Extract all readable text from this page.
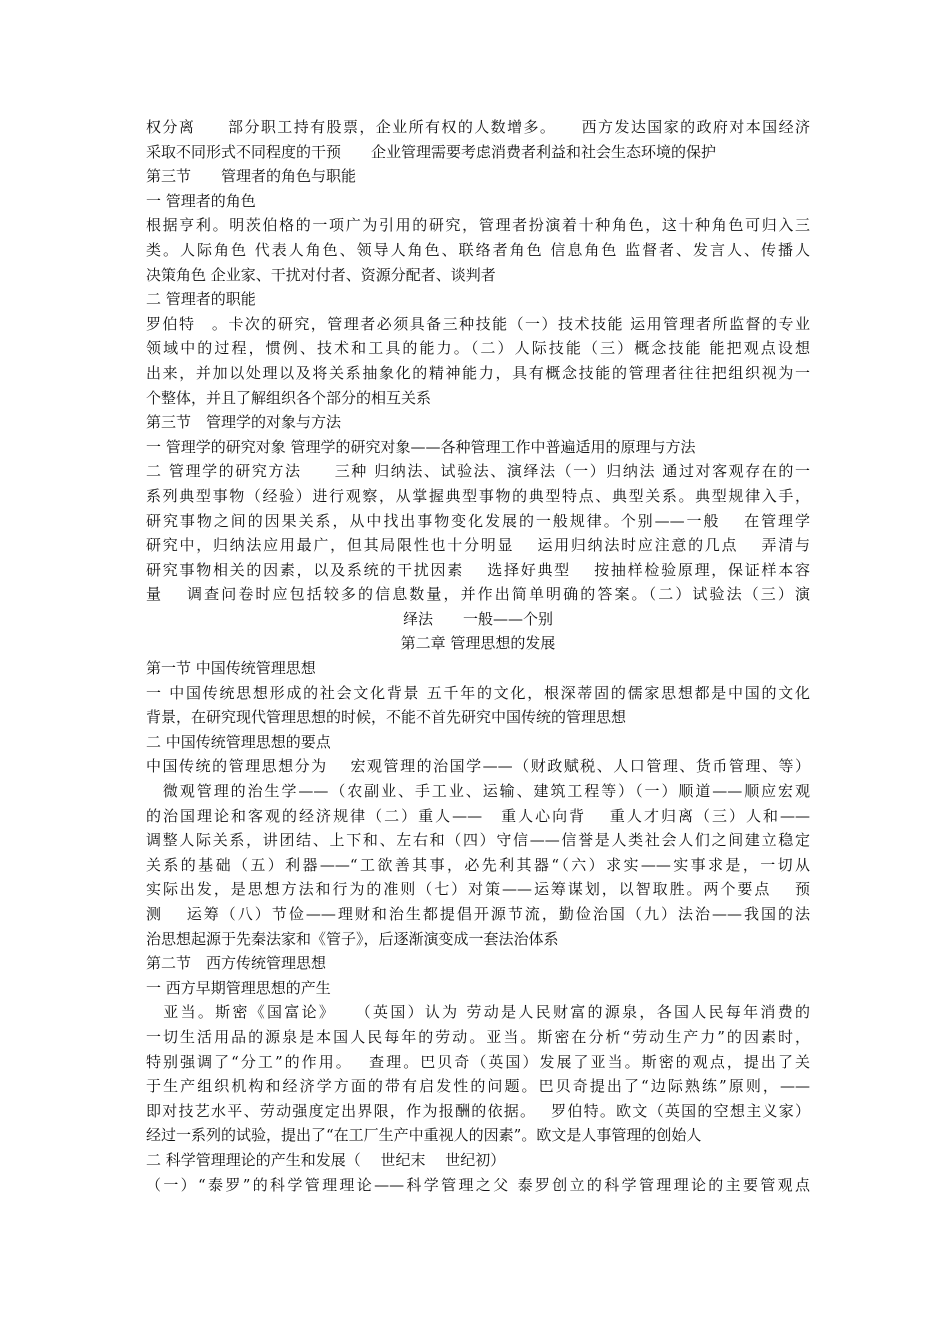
权分离　　部分职工持有股票，企业所有权的人数增多。　　西方发达国家的政府对本国经济
采取不同形式不同程度的干预　　企业管理需要考虑消费者利益和社会生态环境的保护
第三节　　管理者的角色与职能
一 管理者的角色
根据亨利。明茨伯格的一项广为引用的研究，管理者扮演着十种角色，这十种角色可归入三
类。人际角色 代表人角色、领导人角色、联络者角色 信息角色 监督者、发言人、传播人
决策角色 企业家、干扰对付者、资源分配者、谈判者
二 管理者的职能
罗伯特　。卡次的研究，管理者必须具备三种技能（一）技术技能 运用管理者所监督的专业
领域中的过程，惯例、技术和工具的能力。（二）人际技能（三）概念技能 能把观点设想
出来，并加以处理以及将关系抽象化的精神能力，具有概念技能的管理者往往把组织视为一
个整体，并且了解组织各个部分的相互关系
第三节　管理学的对象与方法
一 管理学的研究对象 管理学的研究对象——各种管理工作中普遍适用的原理与方法
二 管理学的研究方法　　三种 归纳法、试验法、演绎法（一）归纳法 通过对客观存在的一
系列典型事物（经验）进行观察，从掌握典型事物的典型特点、典型关系。典型规律入手，
研究事物之间的因果关系，从中找出事物变化发展的一般规律。个别——一般　 在管理学
研究中，归纳法应用最广，但其局限性也十分明显　 运用归纳法时应注意的几点　 弄清与
研究事物相关的因素，以及系统的干扰因素　 选择好典型　 按抽样检验原理，保证样本容
量　 调查问卷时应包括较多的信息数量，并作出简单明确的答案。（二）试验法（三）演
绎法　　一般——个别
第二章 管理思想的发展
第一节 中国传统管理思想
一 中国传统思想形成的社会文化背景 五千年的文化，根深蒂固的儒家思想都是中国的文化
背景，在研究现代管理思想的时候，不能不首先研究中国传统的管理思想
二 中国传统管理思想的要点
中国传统的管理思想分为　 宏观管理的治国学——（财政赋税、人口管理、货币管理、等）
　微观管理的治生学——（农副业、手工业、运输、建筑工程等）（一）顺道——顺应宏观
的治国理论和客观的经济规律（二）重人——　重人心向背　 重人才归离（三）人和——
调整人际关系，讲团结、上下和、左右和（四）守信——信誉是人类社会人们之间建立稳定
关系的基础（五）利器——“工欲善其事，必先利其器“（六）求实——实事求是，一切从
实际出发，是思想方法和行为的准则（七）对策——运筹谋划，以智取胜。两个要点　 预
测　 运筹（八）节俭——理财和治生都提倡开源节流，勤俭治国（九）法治——我国的法
治思想起源于先秦法家和《管子》，后逐渐演变成一套法治体系
第二节　西方传统管理思想
一 西方早期管理思想的产生
　亚当。斯密《国富论》　　（英国）认为 劳动是人民财富的源泉，各国人民每年消费的
一切生活用品的源泉是本国人民每年的劳动。亚当。斯密在分析“劳动生产力”的因素时，
特别强调了“分工”的作用。　 查理。巴贝奇（英国）发展了亚当。斯密的观点，提出了关
于生产组织机构和经济学方面的带有启发性的问题。巴贝奇提出了“边际熟练”原则，——
即对技艺水平、劳动强度定出界限，作为报酬的依据。　 罗伯特。欧文（英国的空想主义家）
经过一系列的试验，提出了“在工厂生产中重视人的因素”。欧文是人事管理的创始人
二 科学管理理论的产生和发展（　 世纪末　 世纪初）
（一）“泰罗”的科学管理理论——科学管理之父 泰罗创立的科学管理理论的主要管观点
